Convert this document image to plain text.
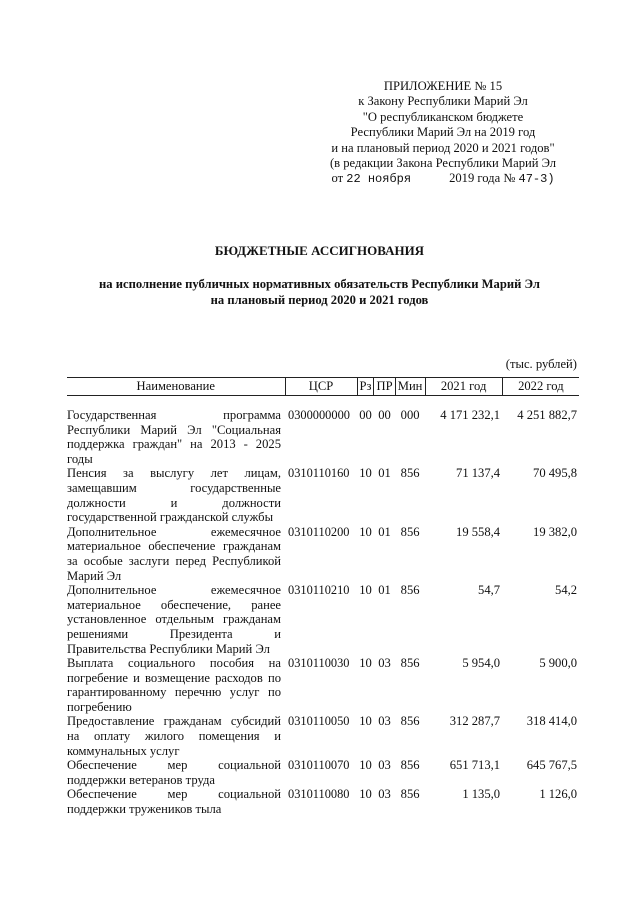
ПРИЛОЖЕНИЕ № 15
к Закону Республики Марий Эл
"О республиканском бюджете
Республики Марий Эл на 2019 год
и на плановый период 2020 и 2021 годов"
(в редакции Закона Республики Марий Эл
от 22 ноября	2019 года № 47-3)
БЮДЖЕТНЫЕ АССИГНОВАНИЯ
на исполнение публичных нормативных обязательств Республики Марий Эл
на плановый период 2020 и 2021 годов
(тыс. рублей)
Наименование	ЦСР	Рз	ПР	Мин	2021 год	2022 год
Государственная программа Республики Марий Эл "Социальная поддержка граждан" на 2013 - 2025 годы	0300000000	00	00	000	4 171 232,1	4 251 882,7
Пенсия за выслугу лет лицам, замещавшим государственные должности и должности государственной гражданской службы	0310110160	10	01	856	71 137,4	70 495,8
Дополнительное ежемесячное материальное обеспечение гражданам за особые заслуги перед Республикой Марий Эл	0310110200	10	01	856	19 558,4	19 382,0
Дополнительное ежемесячное материальное обеспечение, ранее установленное отдельным гражданам решениями Президента и Правительства Республики Марий Эл	0310110210	10	01	856	54,7	54,2
Выплата социального пособия на погребение и возмещение расходов по гарантированному перечню услуг по погребению	0310110030	10	03	856	5 954,0	5 900,0
Предоставление гражданам субсидий на оплату жилого помещения и коммунальных услуг	0310110050	10	03	856	312 287,7	318 414,0
Обеспечение мер социальной поддержки ветеранов труда	0310110070	10	03	856	651 713,1	645 767,5
Обеспечение мер социальной поддержки тружеников тыла	0310110080	10	03	856	1 135,0	1 126,0
